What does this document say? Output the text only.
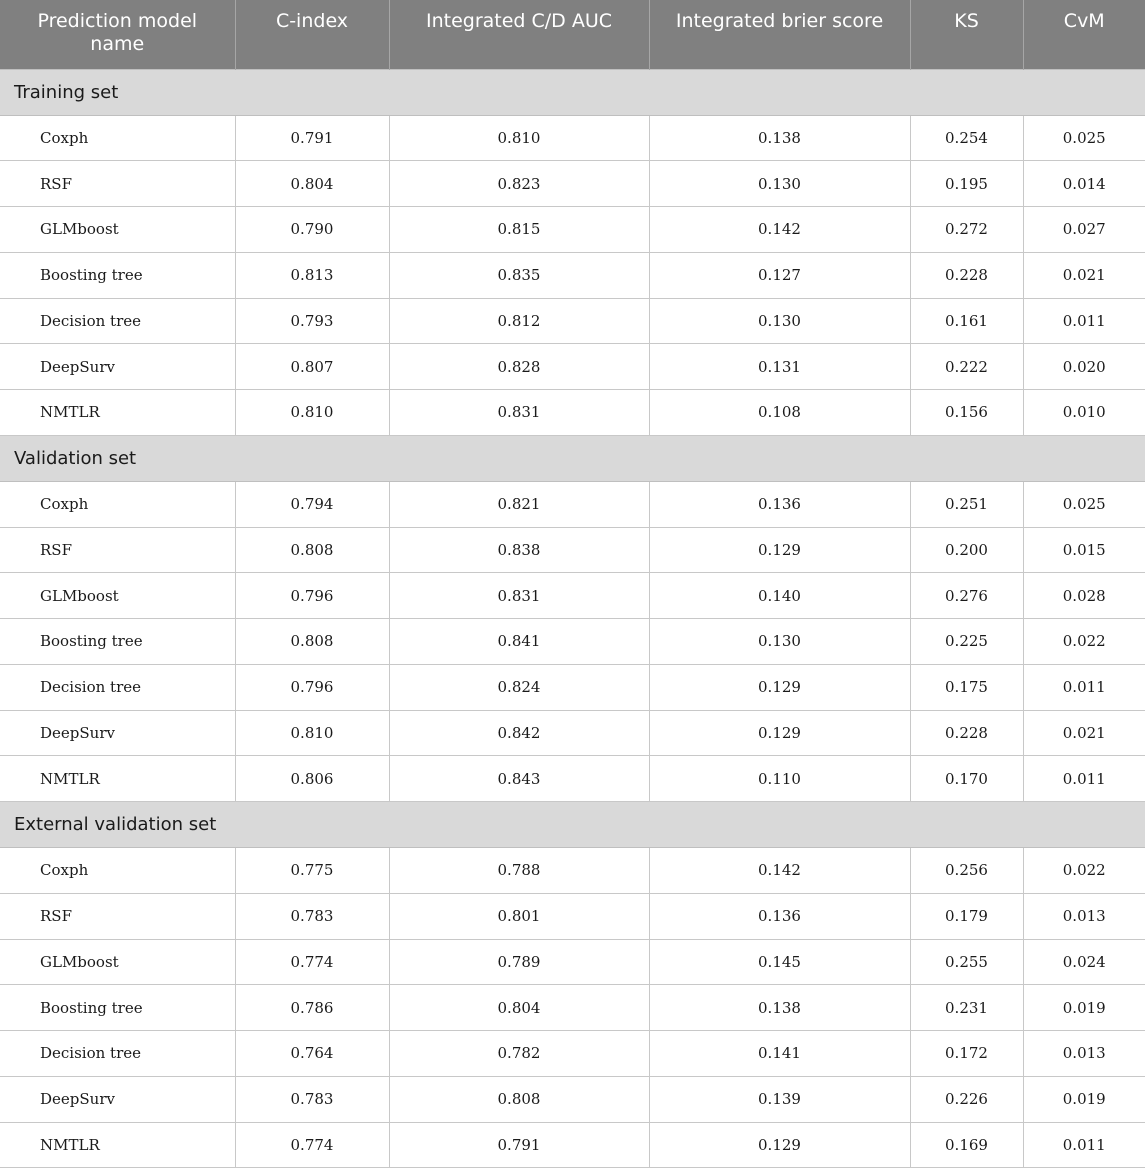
Prediction model name	C-index	Integrated C/D AUC	Integrated brier score	KS	CvM
Training set					
Coxph	0.791	0.810	0.138	0.254	0.025
RSF	0.804	0.823	0.130	0.195	0.014
GLMboost	0.790	0.815	0.142	0.272	0.027
Boosting tree	0.813	0.835	0.127	0.228	0.021
Decision tree	0.793	0.812	0.130	0.161	0.011
DeepSurv	0.807	0.828	0.131	0.222	0.020
NMTLR	0.810	0.831	0.108	0.156	0.010
Validation set					
Coxph	0.794	0.821	0.136	0.251	0.025
RSF	0.808	0.838	0.129	0.200	0.015
GLMboost	0.796	0.831	0.140	0.276	0.028
Boosting tree	0.808	0.841	0.130	0.225	0.022
Decision tree	0.796	0.824	0.129	0.175	0.011
DeepSurv	0.810	0.842	0.129	0.228	0.021
NMTLR	0.806	0.843	0.110	0.170	0.011
External validation set					
Coxph	0.775	0.788	0.142	0.256	0.022
RSF	0.783	0.801	0.136	0.179	0.013
GLMboost	0.774	0.789	0.145	0.255	0.024
Boosting tree	0.786	0.804	0.138	0.231	0.019
Decision tree	0.764	0.782	0.141	0.172	0.013
DeepSurv	0.783	0.808	0.139	0.226	0.019
NMTLR	0.774	0.791	0.129	0.169	0.011
